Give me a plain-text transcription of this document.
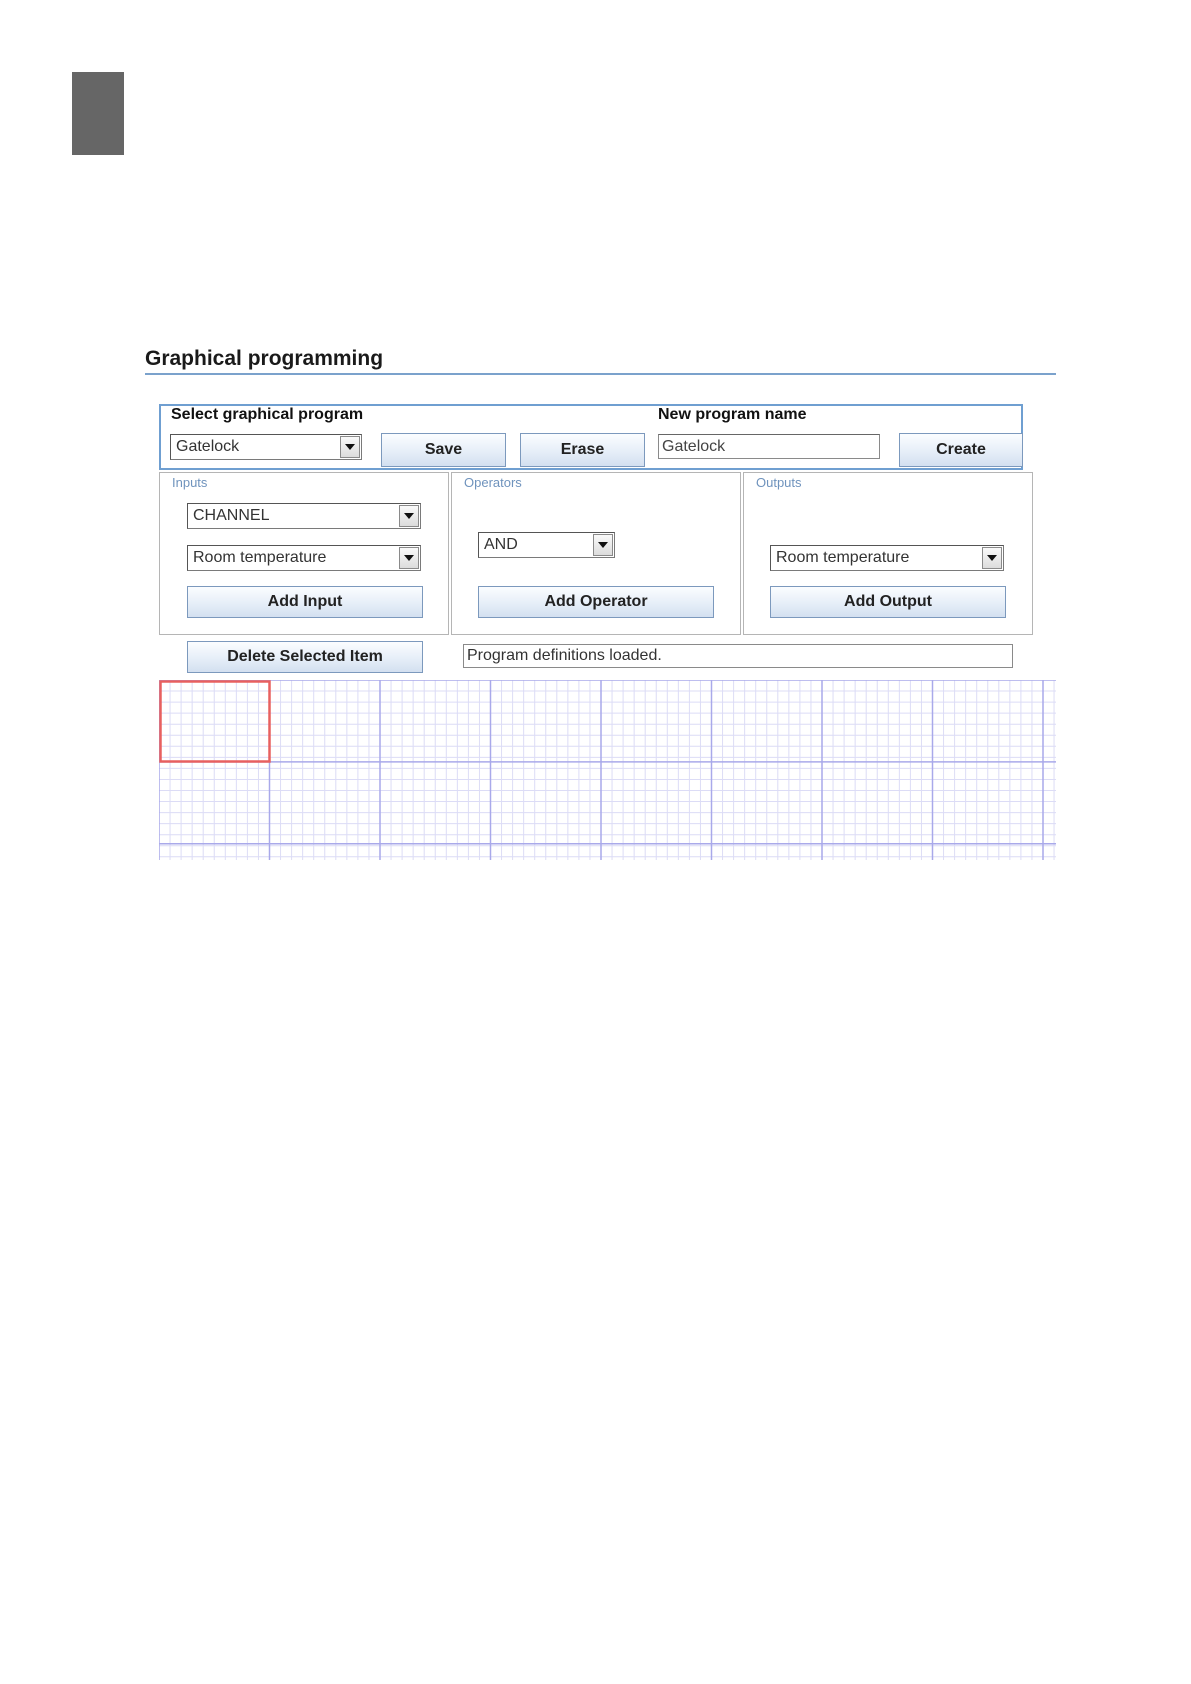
Graphical programming
Select graphical program
Gatelock	Save	Erase
New program name
Gatelock
Create
Inputs
CHANNEL
Room temperature
Add Input
Operators
AND
Add Operator
Outputs
Room temperature
Add Output
Delete Selected Item	Program definitions loaded.
